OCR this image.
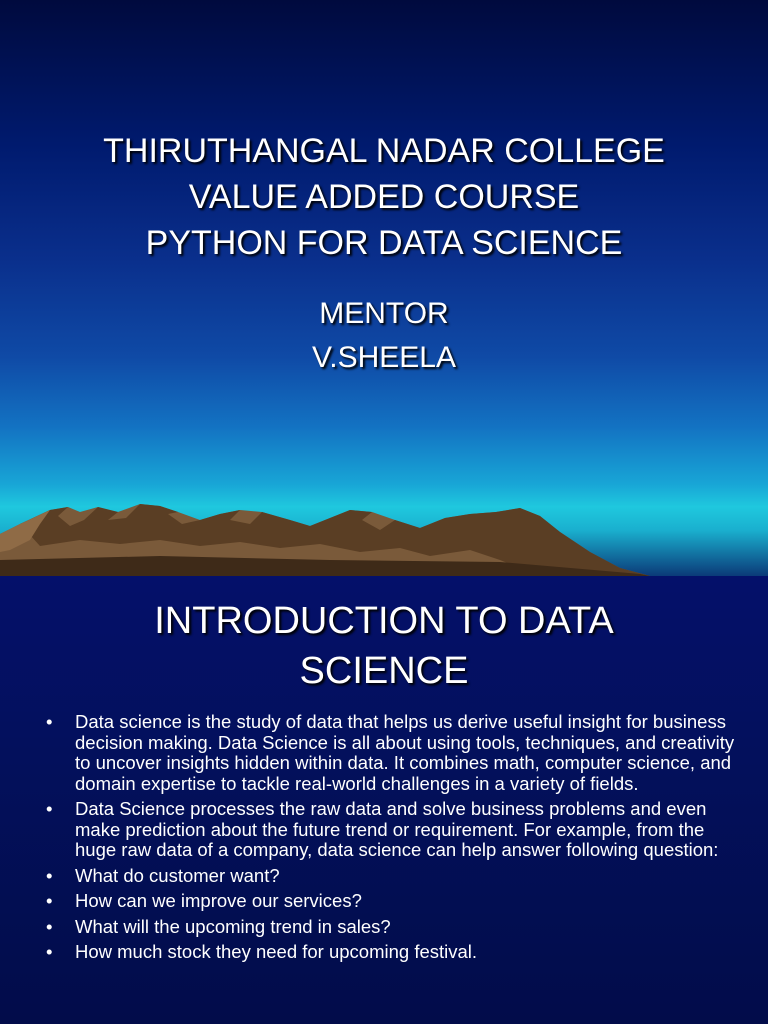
THIRUTHANGAL NADAR COLLEGE
VALUE ADDED COURSE
PYTHON FOR DATA SCIENCE
MENTOR
V.SHEELA
INTRODUCTION TO DATA
SCIENCE
• Data science is the study of data that helps us derive useful insight for business decision making. Data Science is all about using tools, techniques, and creativity to uncover insights hidden within data. It combines math, computer science, and domain expertise to tackle real-world challenges in a variety of fields.
• Data Science processes the raw data and solve business problems and even make prediction about the future trend or requirement. For example, from the huge raw data of a company, data science can help answer following question:
• What do customer want?
• How can we improve our services?
• What will the upcoming trend in sales?
• How much stock they need for upcoming festival.
